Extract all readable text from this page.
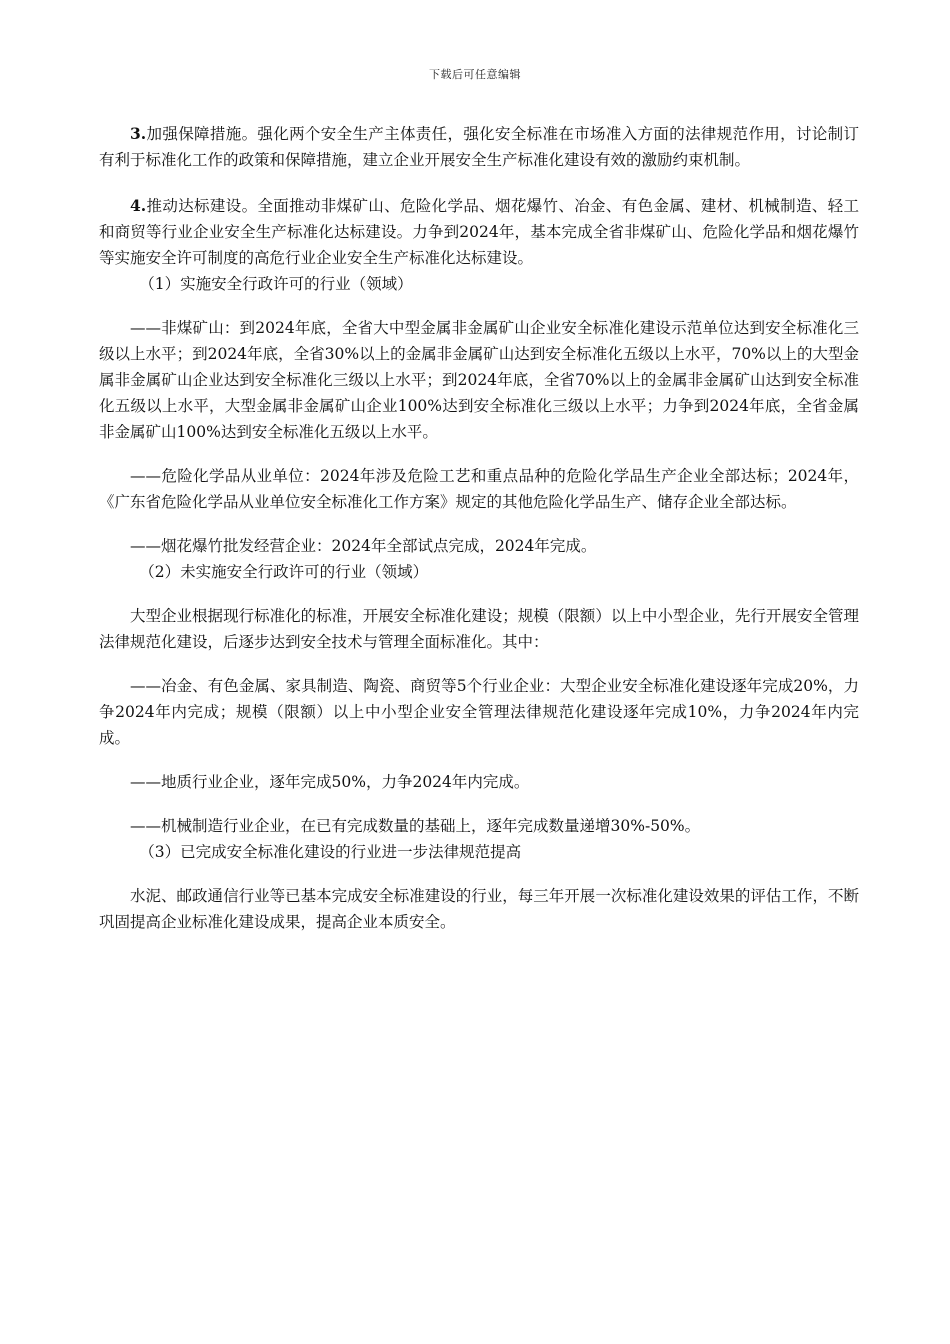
下载后可任意编辑

3.加强保障措施。强化两个安全生产主体责任，强化安全标准在市场准入方面的法律规范作用，讨论制订有利于标准化工作的政策和保障措施，建立企业开展安全生产标准化建设有效的激励约束机制。

4.推动达标建设。全面推动非煤矿山、危险化学品、烟花爆竹、冶金、有色金属、建材、机械制造、轻工和商贸等行业企业安全生产标准化达标建设。力争到2024年，基本完成全省非煤矿山、危险化学品和烟花爆竹等实施安全许可制度的高危行业企业安全生产标准化达标建设。

（1）实施安全行政许可的行业（领域）

——非煤矿山：到2024年底，全省大中型金属非金属矿山企业安全标准化建设示范单位达到安全标准化三级以上水平；到2024年底，全省30%以上的金属非金属矿山达到安全标准化五级以上水平，70%以上的大型金属非金属矿山企业达到安全标准化三级以上水平；到2024年底，全省70%以上的金属非金属矿山达到安全标准化五级以上水平，大型金属非金属矿山企业100%达到安全标准化三级以上水平；力争到2024年底，全省金属非金属矿山100%达到安全标准化五级以上水平。

——危险化学品从业单位：2024年涉及危险工艺和重点品种的危险化学品生产企业全部达标；2024年，《广东省危险化学品从业单位安全标准化工作方案》规定的其他危险化学品生产、储存企业全部达标。

——烟花爆竹批发经营企业：2024年全部试点完成，2024年完成。

（2）未实施安全行政许可的行业（领域）

大型企业根据现行标准化的标准，开展安全标准化建设；规模（限额）以上中小型企业，先行开展安全管理法律规范化建设，后逐步达到安全技术与管理全面标准化。其中：

——冶金、有色金属、家具制造、陶瓷、商贸等5个行业企业：大型企业安全标准化建设逐年完成20%，力争2024年内完成；规模（限额）以上中小型企业安全管理法律规范化建设逐年完成10%，力争2024年内完成。

——地质行业企业，逐年完成50%，力争2024年内完成。

——机械制造行业企业，在已有完成数量的基础上，逐年完成数量递增30%-50%。

（3）已完成安全标准化建设的行业进一步法律规范提高

水泥、邮政通信行业等已基本完成安全标准建设的行业，每三年开展一次标准化建设效果的评估工作，不断巩固提高企业标准化建设成果，提高企业本质安全。
